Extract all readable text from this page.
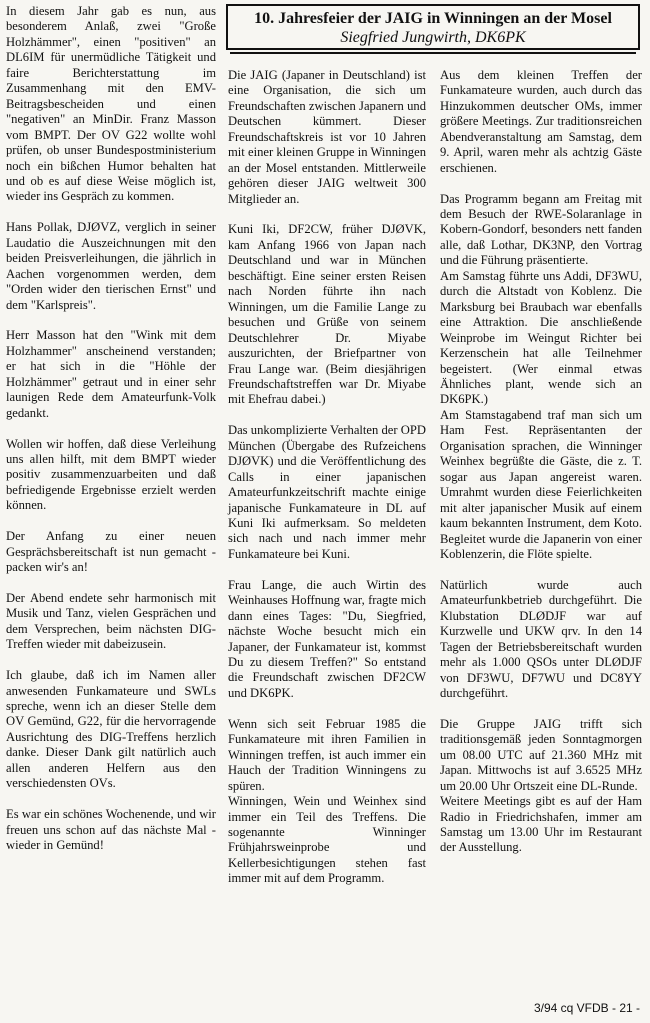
In diesem Jahr gab es nun, aus besonderem Anlaß, zwei "Große Holzhämmer", einen "positiven" an DL6IM für unermüdliche Tätigkeit und faire Berichterstattung im Zusammenhang mit den EMV-Beitragsbescheiden und einen "negativen" an MinDir. Franz Masson vom BMPT. Der OV G22 wollte wohl prüfen, ob unser Bundespostministerium noch ein bißchen Humor behalten hat und ob es auf diese Weise möglich ist, wieder ins Gespräch zu kommen.

Hans Pollak, DJØVZ, verglich in seiner Laudatio die Auszeichnungen mit den beiden Preisverleihungen, die jährlich in Aachen vorgenommen werden, dem "Orden wider den tierischen Ernst" und dem "Karlspreis".

Herr Masson hat den "Wink mit dem Holzhammer" anscheinend verstanden; er hat sich in die "Höhle der Holzhämmer" getraut und in einer sehr launigen Rede dem Amateurfunk-Volk gedankt.

Wollen wir hoffen, daß diese Verleihung uns allen hilft, mit dem BMPT wieder positiv zusammenzuarbeiten und daß befriedigende Ergebnisse erzielt werden können.

Der Anfang zu einer neuen Gesprächsbereitschaft ist nun gemacht - packen wir's an!

Der Abend endete sehr harmonisch mit Musik und Tanz, vielen Gesprächen und dem Versprechen, beim nächsten DIG-Treffen wieder mit dabeizusein.

Ich glaube, daß ich im Namen aller anwesenden Funkamateure und SWLs spreche, wenn ich an dieser Stelle dem OV Gemünd, G22, für die hervorragende Ausrichtung des DIG-Treffens herzlich danke. Dieser Dank gilt natürlich auch allen anderen Helfern aus den verschiedensten OVs.

Es war ein schönes Wochenende, und wir freuen uns schon auf das nächste Mal - wieder in Gemünd!

10. Jahresfeier der JAIG in Winningen an der Mosel
Siegfried Jungwirth, DK6PK

Die JAIG (Japaner in Deutschland) ist eine Organisation, die sich um Freundschaften zwischen Japanern und Deutschen kümmert. Dieser Freundschaftskreis ist vor 10 Jahren mit einer kleinen Gruppe in Winningen an der Mosel entstanden. Mittlerweile gehören dieser JAIG weltweit 300 Mitglieder an.

Kuni Iki, DF2CW, früher DJØVK, kam Anfang 1966 von Japan nach Deutschland und war in München beschäftigt. Eine seiner ersten Reisen nach Norden führte ihn nach Winningen, um die Familie Lange zu besuchen und Grüße von seinem Deutschlehrer Dr. Miyabe auszurichten, der Briefpartner von Frau Lange war. (Beim diesjährigen Freundschaftstreffen war Dr. Miyabe mit Ehefrau dabei.)

Das unkomplizierte Verhalten der OPD München (Übergabe des Rufzeichens DJØVK) und die Veröffentlichung des Calls in einer japanischen Amateurfunkzeitschrift machte einige japanische Funkamateure in DL auf Kuni Iki aufmerksam. So meldeten sich nach und nach immer mehr Funkamateure bei Kuni.

Frau Lange, die auch Wirtin des Weinhauses Hoffnung war, fragte mich dann eines Tages: "Du, Siegfried, nächste Woche besucht mich ein Japaner, der Funkamateur ist, kommst Du zu diesem Treffen?" So entstand die Freundschaft zwischen DF2CW und DK6PK.

Wenn sich seit Februar 1985 die Funkamateure mit ihren Familien in Winningen treffen, ist auch immer ein Hauch der Tradition Winningens zu spüren.

Winningen, Wein und Weinhex sind immer ein Teil des Treffens. Die sogenannte Winninger Frühjahrsweinprobe und Kellerbesichtigungen stehen fast immer mit auf dem Programm.

Aus dem kleinen Treffen der Funkamateure wurden, auch durch das Hinzukommen deutscher OMs, immer größere Meetings. Zur traditionsreichen Abendveranstaltung am Samstag, dem 9. April, waren mehr als achtzig Gäste erschienen.

Das Programm begann am Freitag mit dem Besuch der RWE-Solaranlage in Kobern-Gondorf, besonders nett fanden alle, daß Lothar, DK3NP, den Vortrag und die Führung präsentierte.

Am Samstag führte uns Addi, DF3WU, durch die Altstadt von Koblenz. Die Marksburg bei Braubach war ebenfalls eine Attraktion. Die anschließende Weinprobe im Weingut Richter bei Kerzenschein hat alle Teilnehmer begeistert. (Wer einmal etwas Ähnliches plant, wende sich an DK6PK.)

Am Stamstagabend traf man sich um Ham Fest. Repräsentanten der Organisation sprachen, die Winninger Weinhex begrüßte die Gäste, die z. T. sogar aus Japan angereist waren. Umrahmt wurden diese Feierlichkeiten mit alter japanischer Musik auf einem kaum bekannten Instrument, dem Koto. Begleitet wurde die Japanerin von einer Koblenzerin, die Flöte spielte.

Natürlich wurde auch Amateurfunkbetrieb durchgeführt. Die Klubstation DLØDJF war auf Kurzwelle und UKW qrv. In den 14 Tagen der Betriebsbereitschaft wurden mehr als 1.000 QSOs unter DLØDJF von DF3WU, DF7WU und DC8YY durchgeführt.

Die Gruppe JAIG trifft sich traditionsgemäß jeden Sonntagmorgen um 08.00 UTC auf 21.360 MHz mit Japan. Mittwochs ist auf 3.6525 MHz um 20.00 Uhr Ortszeit eine DL-Runde.

Weitere Meetings gibt es auf der Ham Radio in Friedrichshafen, immer am Samstag um 13.00 Uhr im Restaurant der Ausstellung.

3/94 cq VFDB - 21 -
